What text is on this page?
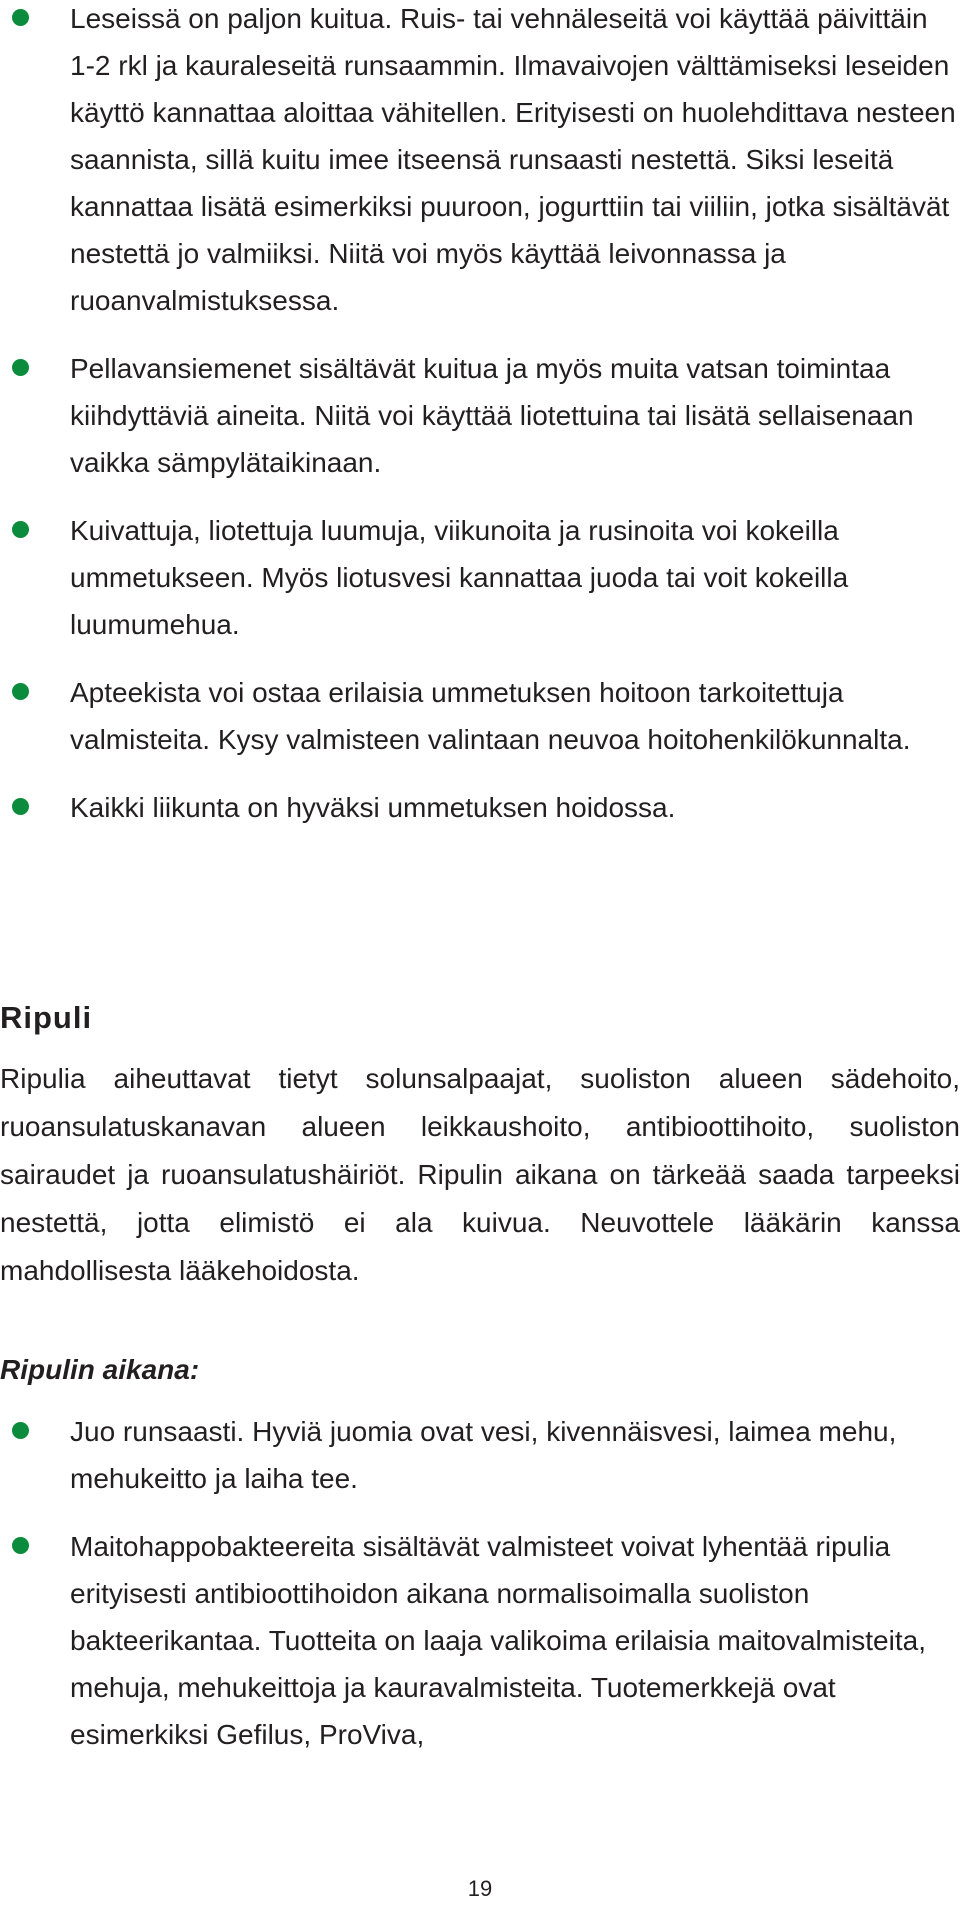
Leseissä on paljon kuitua. Ruis- tai vehnäleseitä voi käyttää päivittäin 1-2 rkl ja kauraleseitä runsaammin. Ilmavaivojen välttämiseksi leseiden käyttö kannattaa aloittaa vähitellen. Erityisesti on huolehdittava nesteen saannista, sillä kuitu imee itseensä runsaasti nestettä. Siksi leseitä kannattaa lisätä esimerkiksi puuroon, jogurttiin tai viiliin, jotka sisältävät nestettä jo valmiiksi. Niitä voi myös käyttää leivonnassa ja ruoanvalmistuksessa.
Pellavansiemenet sisältävät kuitua ja myös muita vatsan toimintaa kiihdyttäviä aineita. Niitä voi käyttää liotettuina tai lisätä sellaisenaan vaikka sämpylätaikinaan.
Kuivattuja, liotettuja luumuja, viikunoita ja rusinoita voi kokeilla ummetukseen. Myös liotusvesi kannattaa juoda tai voit kokeilla luumumehua.
Apteekista voi ostaa erilaisia ummetuksen hoitoon tarkoitettuja valmisteita. Kysy valmisteen valintaan neuvoa hoitohenkilökunnalta.
Kaikki liikunta on hyväksi ummetuksen hoidossa.
Ripuli
Ripulia aiheuttavat tietyt solunsalpaajat, suoliston alueen sädehoito, ruoansulatuskanavan alueen leikkaushoito, antibioottihoito, suoliston sairaudet ja ruoansulatushäiriöt. Ripulin aikana on tärkeää saada tarpeeksi nestettä, jotta elimistö ei ala kuivua. Neuvottele lääkärin kanssa mahdollisesta lääkehoidosta.
Ripulin aikana:
Juo runsaasti. Hyviä juomia ovat vesi, kivennäisvesi, laimea mehu, mehukeitto ja laiha tee.
Maitohappobakteereita sisältävät valmisteet voivat lyhentää ripulia erityisesti antibioottihoidon aikana normalisoimalla suoliston bakteerikantaa. Tuotteita on laaja valikoima erilaisia maitovalmisteita, mehuja, mehukeittoja ja kauravalmisteita. Tuotemerkkejä ovat esimerkiksi Gefilus, ProViva,
19
